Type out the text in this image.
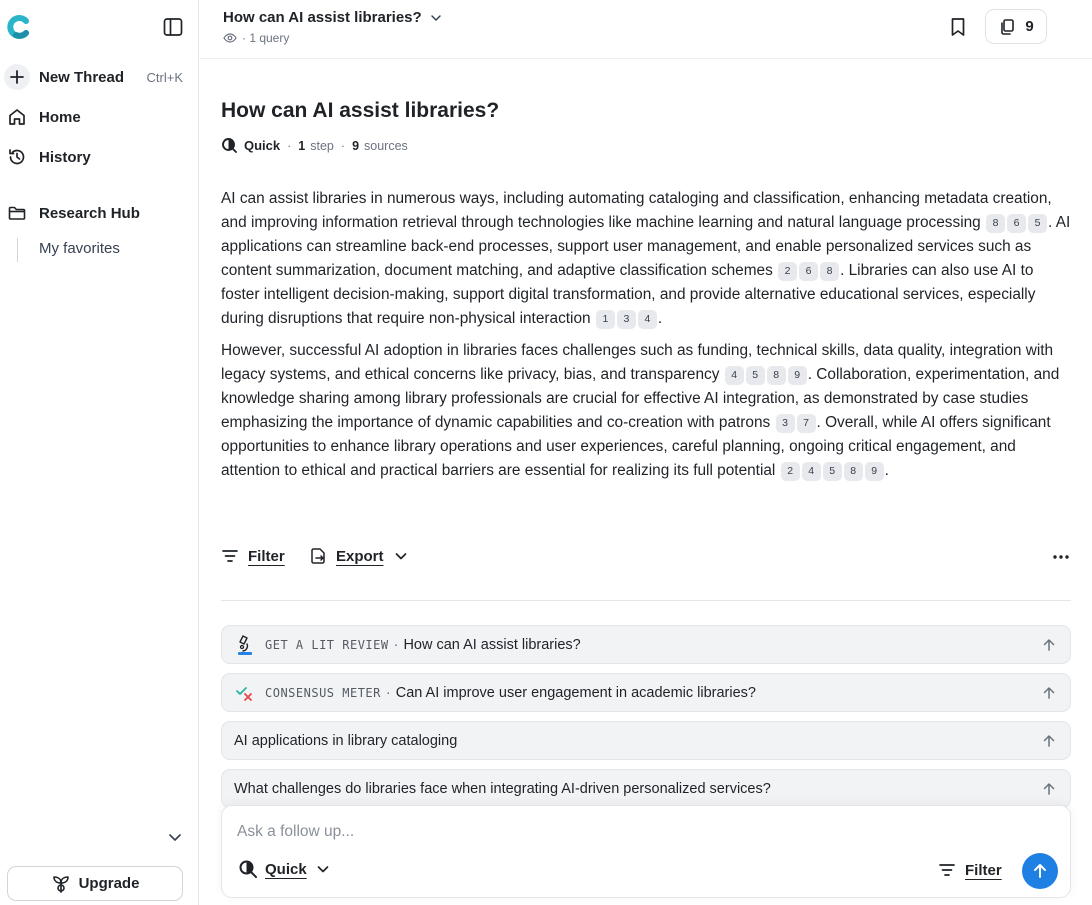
New Thread Ctrl+K
Home
History
Research Hub
My favorites
Upgrade
How can AI assist libraries?
· 1 query
9
How can AI assist libraries?
Quick · 1 step · 9 sources

AI can assist libraries in numerous ways, including automating cataloging and classification, enhancing metadata creation, and improving information retrieval through technologies like machine learning and natural language processing 8 6 5 . AI applications can streamline back-end processes, support user management, and enable personalized services such as content summarization, document matching, and adaptive classification schemes 2 6 8 . Libraries can also use AI to foster intelligent decision-making, support digital transformation, and provide alternative educational services, especially during disruptions that require non-physical interaction 1 3 4 .

However, successful AI adoption in libraries faces challenges such as funding, technical skills, data quality, integration with legacy systems, and ethical concerns like privacy, bias, and transparency 4 5 8 9 . Collaboration, experimentation, and knowledge sharing among library professionals are crucial for effective AI integration, as demonstrated by case studies emphasizing the importance of dynamic capabilities and co-creation with patrons 3 7 . Overall, while AI offers significant opportunities to enhance library operations and user experiences, careful planning, ongoing critical engagement, and attention to ethical and practical barriers are essential for realizing its full potential 2 4 5 8 9 .

Filter	Export
GET A LIT REVIEW · How can AI assist libraries?
CONSENSUS METER · Can AI improve user engagement in academic libraries?
AI applications in library cataloging
What challenges do libraries face when integrating AI-driven personalized services?
Ask a follow up...
Quick	Filter
